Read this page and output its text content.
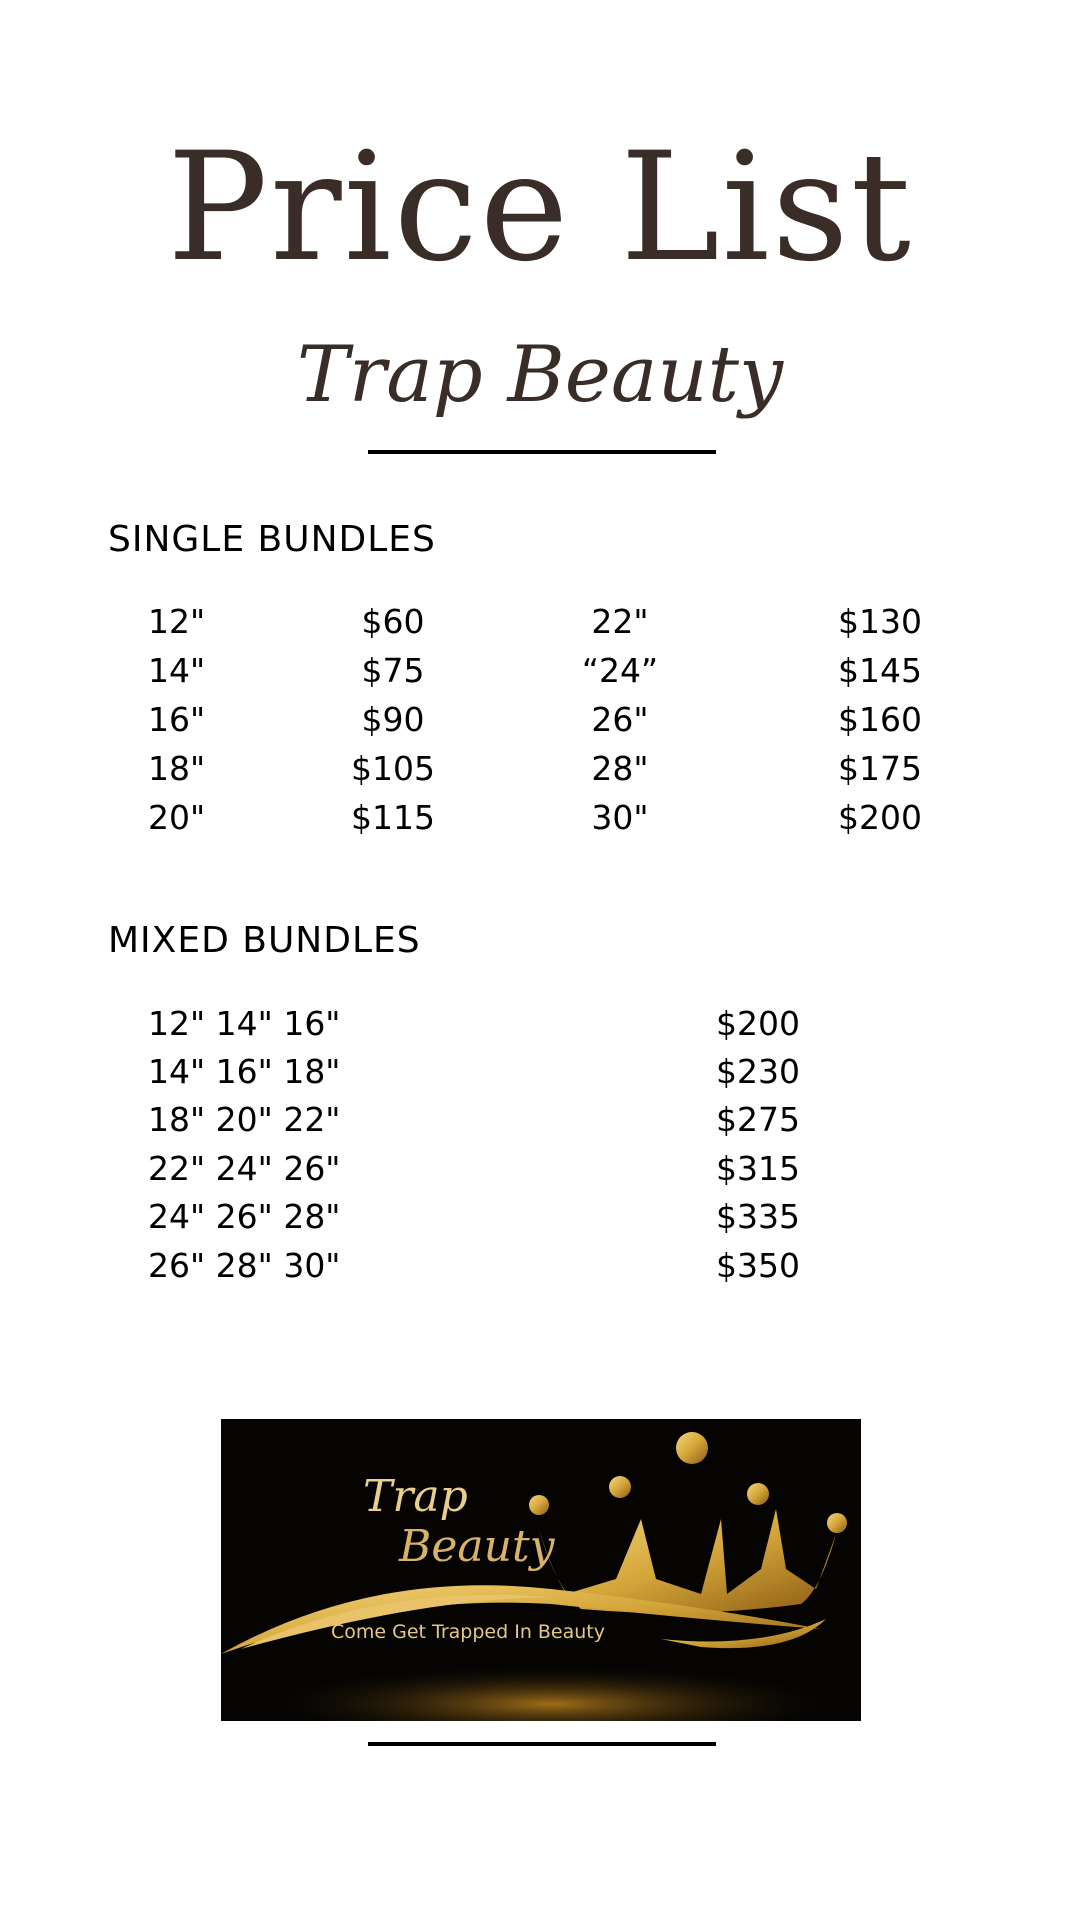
Price List
Trap Beauty
SINGLE BUNDLES
12"	$60	22"	$130
14"	$75	“24”	$145
16"	$90	26"	$160
18"	$105	28"	$175
20"	$115	30"	$200
MIXED BUNDLES
12" 14" 16"	$200
14" 16" 18"	$230
18" 20" 22"	$275
22" 24" 26"	$315
24" 26" 28"	$335
26" 28" 30"	$350
Trap
Beauty
Come Get Trapped In Beauty
